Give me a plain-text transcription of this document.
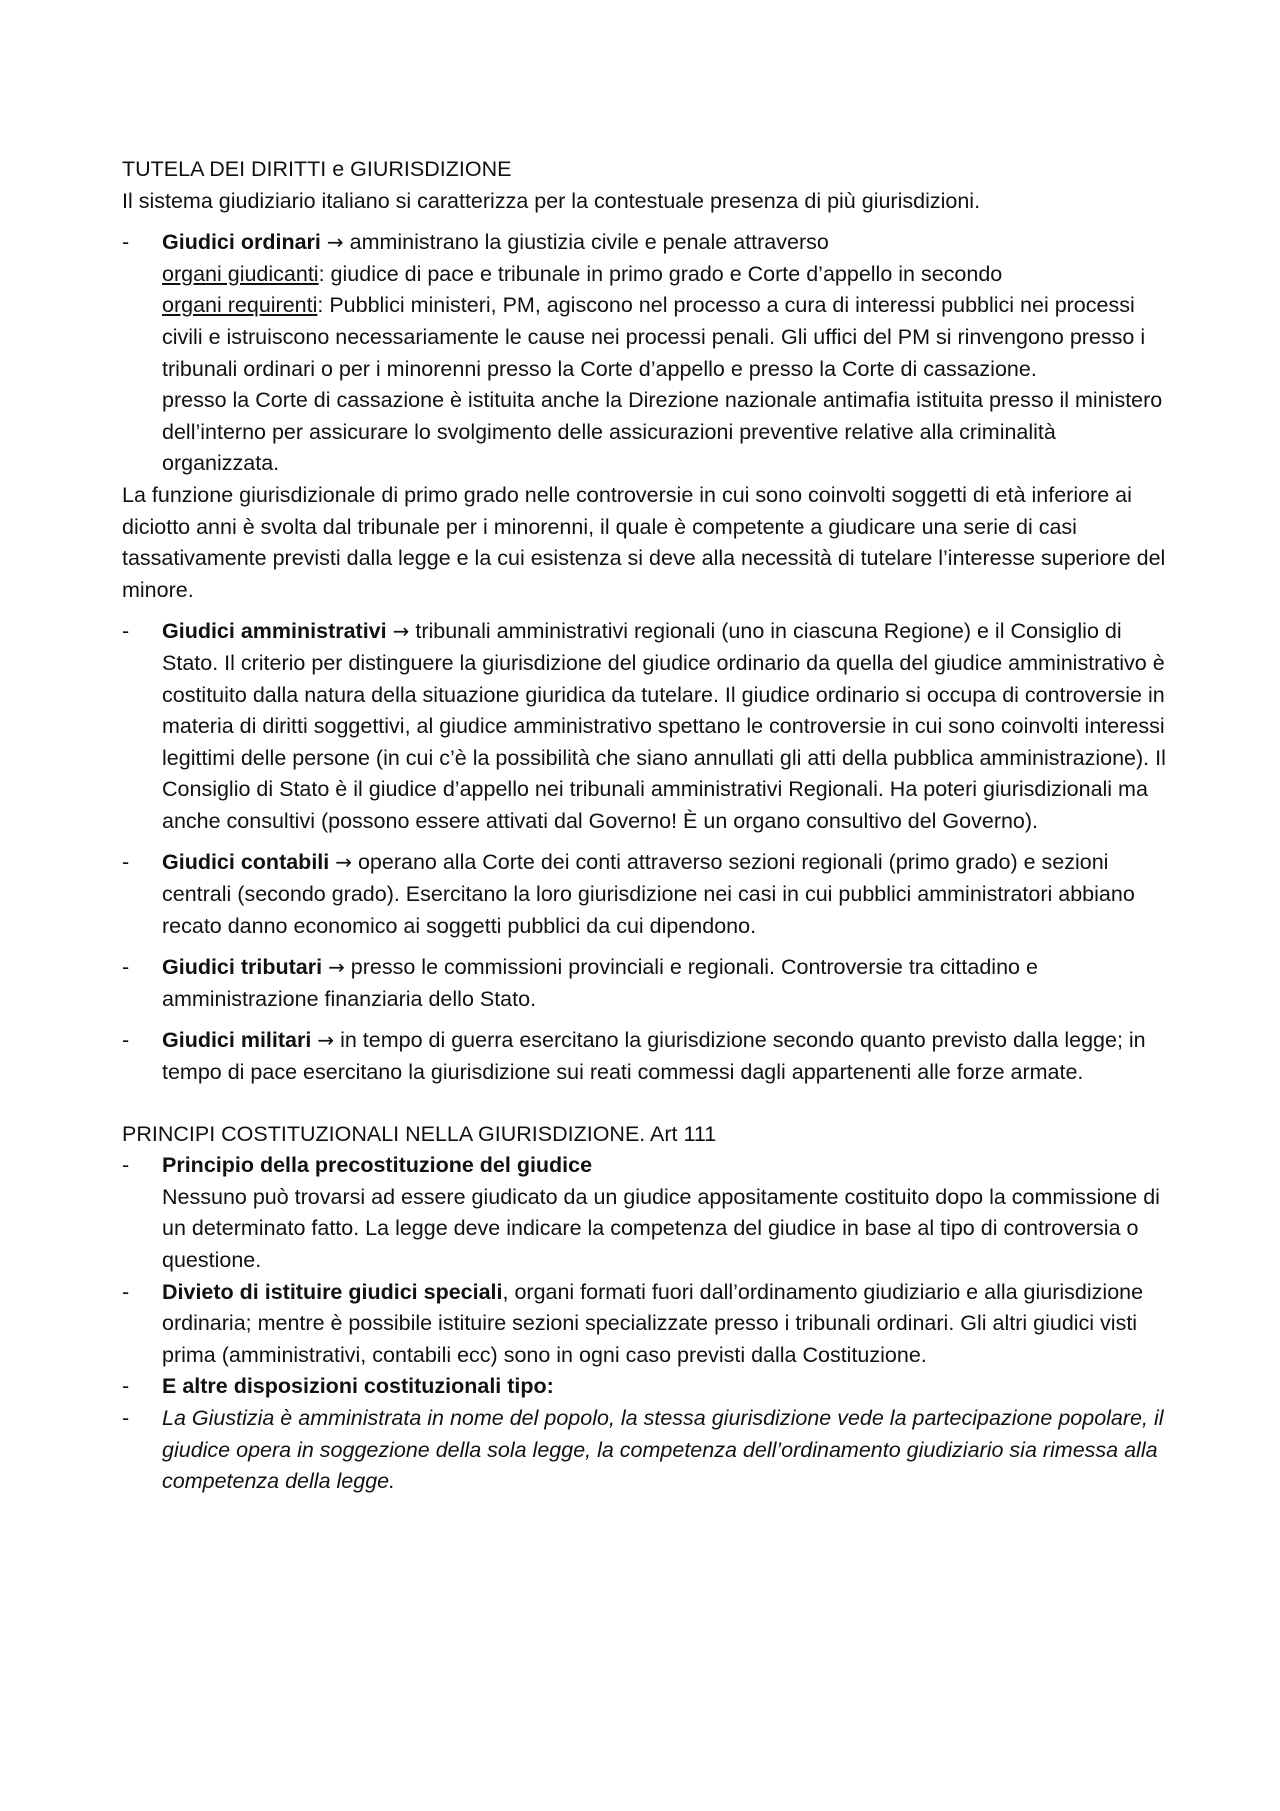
TUTELA DEI DIRITTI e GIURISDIZIONE

Il sistema giudiziario italiano si caratterizza per la contestuale presenza di più giurisdizioni.

- Giudici ordinari → amministrano la giustizia civile e penale attraverso
organi giudicanti: giudice di pace e tribunale in primo grado e Corte d’appello in secondo
organi requirenti: Pubblici ministeri, PM, agiscono nel processo a cura di interessi pubblici nei processi civili e istruiscono necessariamente le cause nei processi penali. Gli uffici del PM si rinvengono presso i tribunali ordinari o per i minorenni presso la Corte d’appello e presso la Corte di cassazione.
presso la Corte di cassazione è istituita anche la Direzione nazionale antimafia istituita presso il ministero dell’interno per assicurare lo svolgimento delle assicurazioni preventive relative alla criminalità organizzata.

La funzione giurisdizionale di primo grado nelle controversie in cui sono coinvolti soggetti di età inferiore ai diciotto anni è svolta dal tribunale per i minorenni, il quale è competente a giudicare una serie di casi tassativamente previsti dalla legge e la cui esistenza si deve alla necessità di tutelare l’interesse superiore del minore.

- Giudici amministrativi → tribunali amministrativi regionali (uno in ciascuna Regione) e il Consiglio di Stato. Il criterio per distinguere la giurisdizione del giudice ordinario da quella del giudice amministrativo è costituito dalla natura della situazione giuridica da tutelare. Il giudice ordinario si occupa di controversie in materia di diritti soggettivi, al giudice amministrativo spettano le controversie in cui sono coinvolti interessi legittimi delle persone (in cui c’è la possibilità che siano annullati gli atti della pubblica amministrazione). Il Consiglio di Stato è il giudice d’appello nei tribunali amministrativi Regionali. Ha poteri giurisdizionali ma anche consultivi (possono essere attivati dal Governo! È un organo consultivo del Governo).
- Giudici contabili → operano alla Corte dei conti attraverso sezioni regionali (primo grado) e sezioni centrali (secondo grado). Esercitano la loro giurisdizione nei casi in cui pubblici amministratori abbiano recato danno economico ai soggetti pubblici da cui dipendono.
- Giudici tributari → presso le commissioni provinciali e regionali. Controversie tra cittadino e amministrazione finanziaria dello Stato.
- Giudici militari → in tempo di guerra esercitano la giurisdizione secondo quanto previsto dalla legge; in tempo di pace esercitano la giurisdizione sui reati commessi dagli appartenenti alle forze armate.

PRINCIPI COSTITUZIONALI NELLA GIURISDIZIONE. Art 111

- Principio della precostituzione del giudice
Nessuno può trovarsi ad essere giudicato da un giudice appositamente costituito dopo la commissione di un determinato fatto. La legge deve indicare la competenza del giudice in base al tipo di controversia o questione.
- Divieto di istituire giudici speciali, organi formati fuori dall’ordinamento giudiziario e alla giurisdizione ordinaria; mentre è possibile istituire sezioni specializzate presso i tribunali ordinari. Gli altri giudici visti prima (amministrativi, contabili ecc) sono in ogni caso previsti dalla Costituzione.
- E altre disposizioni costituzionali tipo:
- La Giustizia è amministrata in nome del popolo, la stessa giurisdizione vede la partecipazione popolare, il giudice opera in soggezione della sola legge, la competenza dell’ordinamento giudiziario sia rimessa alla competenza della legge.
